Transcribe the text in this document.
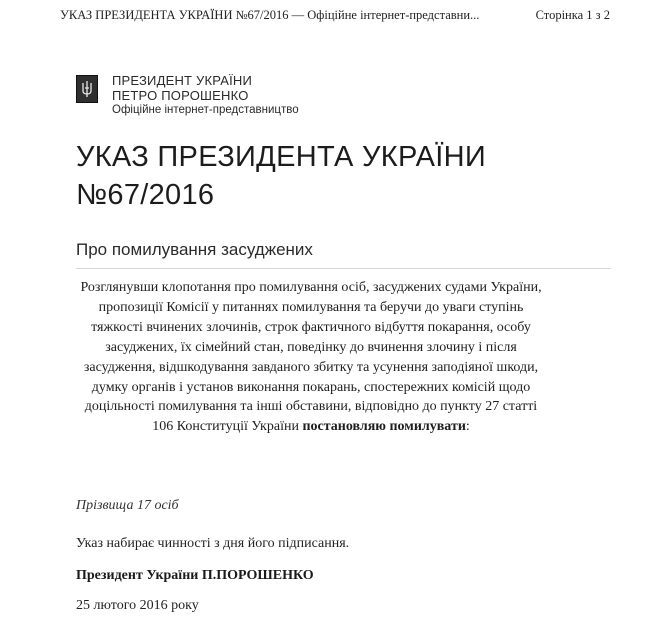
УКАЗ ПРЕЗИДЕНТА УКРАЇНИ №67/2016 — Офіційне інтернет-представни...	Сторінка 1 з 2
ПРЕЗИДЕНТ УКРАЇНИ
ПЕТРО ПОРОШЕНКО
Офіційне інтернет-представництво
УКАЗ ПРЕЗИДЕНТА УКРАЇНИ
№67/2016
Про помилування засуджених
Розглянувши клопотання про помилування осіб, засуджених судами України, пропозиції Комісії у питаннях помилування та беручи до уваги ступінь тяжкості вчинених злочинів, строк фактичного відбуття покарання, особу засуджених, їх сімейний стан, поведінку до вчинення злочину і після засудження, відшкодування завданого збитку та усунення заподіяної шкоди, думку органів і установ виконання покарань, спостережних комісій щодо доцільності помилування та інші обставини, відповідно до пункту 27 статті 106 Конституції України постановляю помилувати:
Прізвища 17 осіб
Указ набирає чинності з дня його підписання.
Президент України П.ПОРОШЕНКО
25 лютого 2016 року
